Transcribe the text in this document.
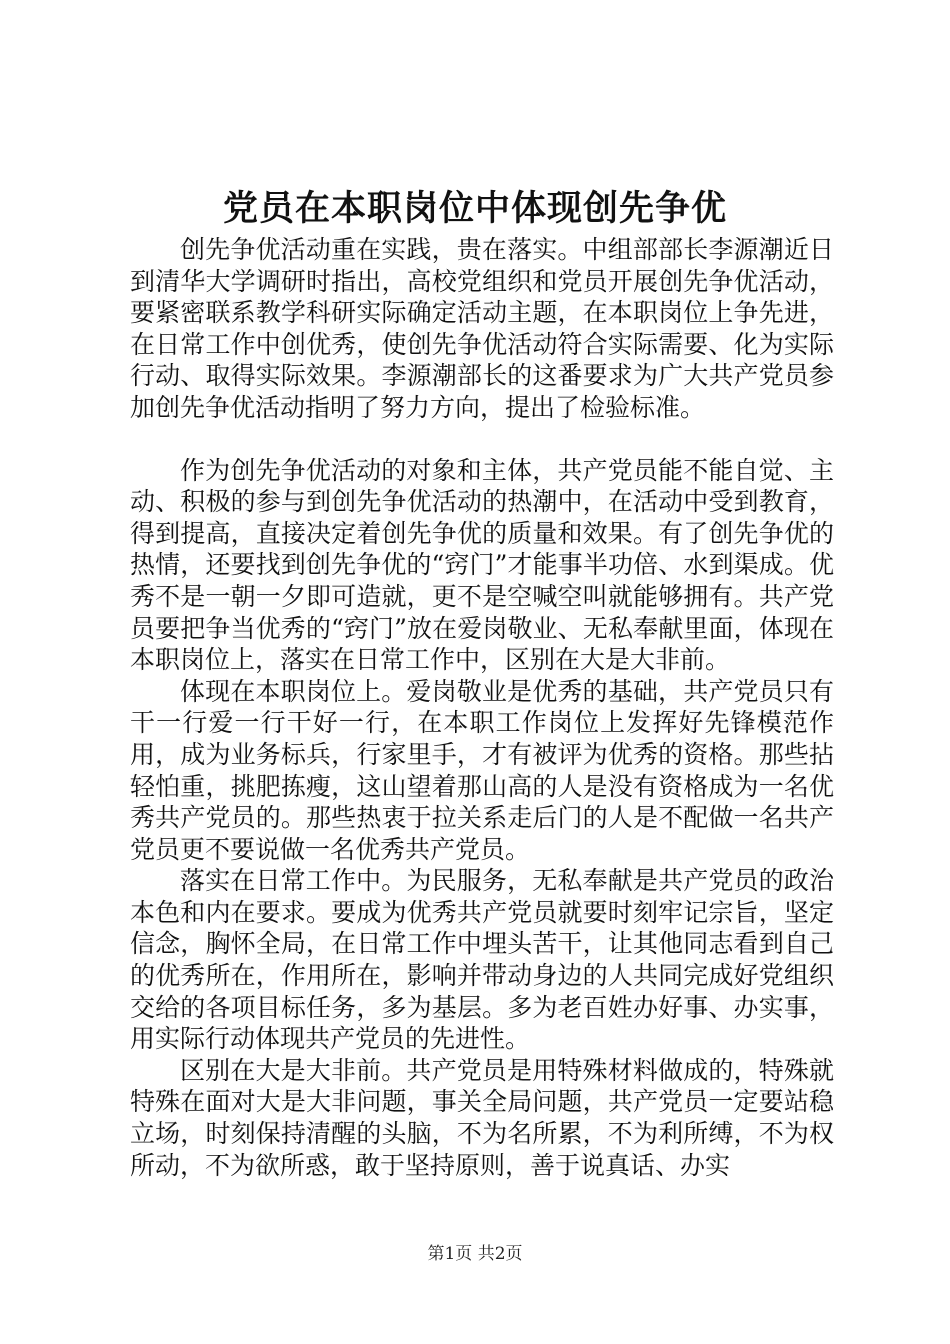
党员在本职岗位中体现创先争优

创先争优活动重在实践，贵在落实。中组部部长李源潮近日到清华大学调研时指出，高校党组织和党员开展创先争优活动，要紧密联系教学科研实际确定活动主题，在本职岗位上争先进，在日常工作中创优秀，使创先争优活动符合实际需要、化为实际行动、取得实际效果。李源潮部长的这番要求为广大共产党员参加创先争优活动指明了努力方向，提出了检验标准。

作为创先争优活动的对象和主体，共产党员能不能自觉、主动、积极的参与到创先争优活动的热潮中，在活动中受到教育，得到提高，直接决定着创先争优的质量和效果。有了创先争优的热情，还要找到创先争优的“窍门”才能事半功倍、水到渠成。优秀不是一朝一夕即可造就，更不是空喊空叫就能够拥有。共产党员要把争当优秀的“窍门”放在爱岗敬业、无私奉献里面，体现在本职岗位上，落实在日常工作中，区别在大是大非前。

体现在本职岗位上。爱岗敬业是优秀的基础，共产党员只有干一行爱一行干好一行，在本职工作岗位上发挥好先锋模范作用，成为业务标兵，行家里手，才有被评为优秀的资格。那些拈轻怕重，挑肥拣瘦，这山望着那山高的人是没有资格成为一名优秀共产党员的。那些热衷于拉关系走后门的人是不配做一名共产党员更不要说做一名优秀共产党员。

落实在日常工作中。为民服务，无私奉献是共产党员的政治本色和内在要求。要成为优秀共产党员就要时刻牢记宗旨，坚定信念，胸怀全局，在日常工作中埋头苦干，让其他同志看到自己的优秀所在，作用所在，影响并带动身边的人共同完成好党组织交给的各项目标任务，多为基层。多为老百姓办好事、办实事，用实际行动体现共产党员的先进性。

区别在大是大非前。共产党员是用特殊材料做成的，特殊就特殊在面对大是大非问题，事关全局问题，共产党员一定要站稳立场，时刻保持清醒的头脑，不为名所累，不为利所缚，不为权所动，不为欲所惑，敢于坚持原则，善于说真话、办实

第1页 共2页
